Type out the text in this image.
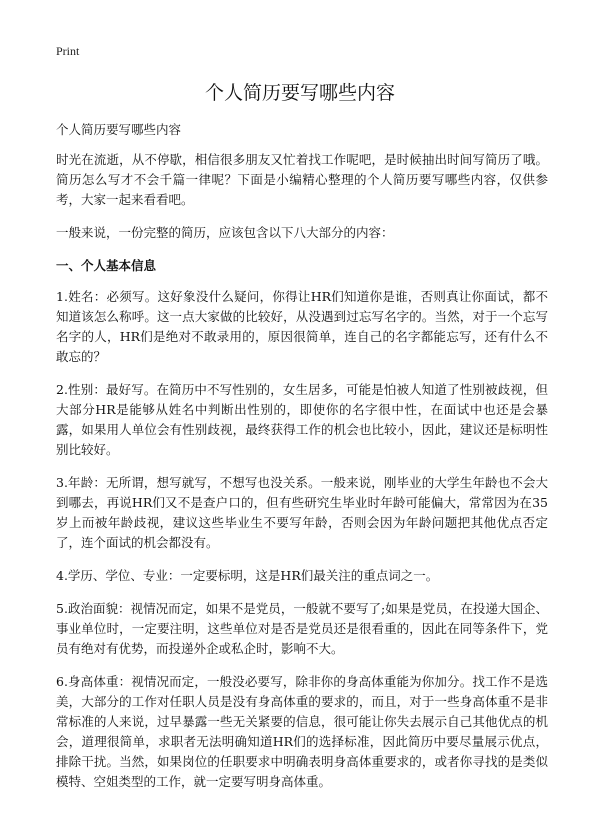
Print
个人简历要写哪些内容

个人简历要写哪些内容

时光在流逝，从不停歇，相信很多朋友又忙着找工作呢吧，是时候抽出时间写简历了哦。简历怎么写才不会千篇一律呢？下面是小编精心整理的个人简历要写哪些内容，仅供参考，大家一起来看看吧。

一般来说，一份完整的简历，应该包含以下八大部分的内容：

一、个人基本信息

1.姓名：必须写。这好象没什么疑问，你得让HR们知道你是谁，否则真让你面试，都不知道该怎么称呼。这一点大家做的比较好，从没遇到过忘写名字的。当然，对于一个忘写名字的人，HR们是绝对不敢录用的，原因很简单，连自己的名字都能忘写，还有什么不敢忘的？

2.性别：最好写。在简历中不写性别的，女生居多，可能是怕被人知道了性别被歧视，但大部分HR是能够从姓名中判断出性别的，即使你的名字很中性，在面试中也还是会暴露，如果用人单位会有性别歧视，最终获得工作的机会也比较小，因此，建议还是标明性别比较好。

3.年龄：无所谓，想写就写，不想写也没关系。一般来说，刚毕业的大学生年龄也不会大到哪去，再说HR们又不是查户口的，但有些研究生毕业时年龄可能偏大，常常因为在35岁上而被年龄歧视，建议这些毕业生不要写年龄，否则会因为年龄问题把其他优点否定了，连个面试的机会都没有。

4.学历、学位、专业：一定要标明，这是HR们最关注的重点词之一。

5.政治面貌：视情况而定，如果不是党员，一般就不要写了;如果是党员，在投递大国企、事业单位时，一定要注明，这些单位对是否是党员还是很看重的，因此在同等条件下，党员有绝对有优势，而投递外企或私企时，影响不大。

6.身高体重：视情况而定，一般没必要写，除非你的身高体重能为你加分。找工作不是选美，大部分的工作对任职人员是没有身高体重的要求的，而且，对于一些身高体重不是非常标准的人来说，过早暴露一些无关紧要的信息，很可能让你失去展示自己其他优点的机会，道理很简单，求职者无法明确知道HR们的选择标准，因此简历中要尽量展示优点，排除干扰。当然，如果岗位的任职要求中明确表明身高体重要求的，或者你寻找的是类似模特、空姐类型的工作，就一定要写明身高体重。
